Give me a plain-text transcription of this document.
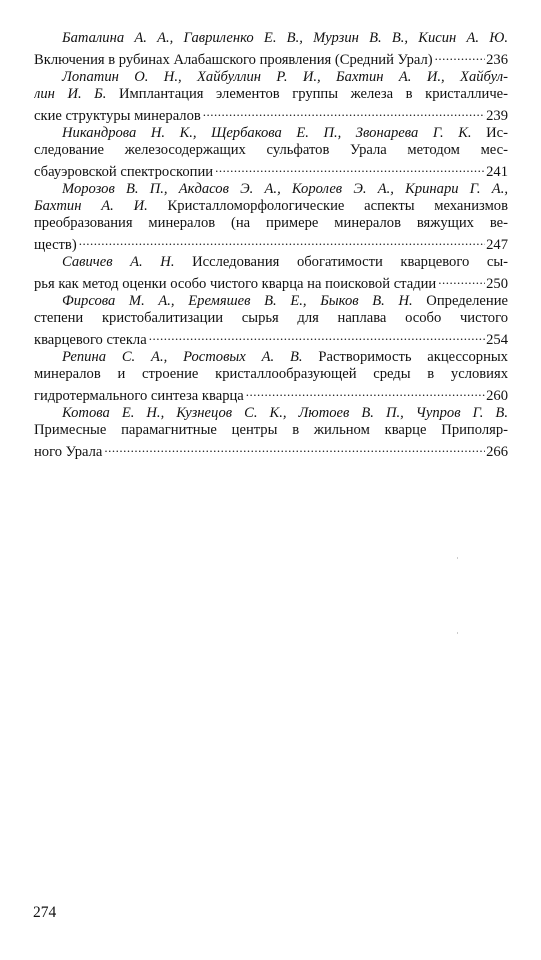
Баталина А. А., Гавриленко Е. В., Мурзин В. В., Кисин А. Ю.
Включения в рубинах Алабашского проявления (Средний Урал) .....	236
Лопатин О. Н., Хайбуллин Р. И., Бахтин А. И., Хайбул-
лин И. Б. Имплантация элементов группы железа в кристалличе-
ские структуры минералов .....	239
Никандрова Н. К., Щербакова Е. П., Звонарева Г. К. Ис-
следование железосодержащих сульфатов Урала методом мес-
сбауэровской спектроскопии .....	241
Морозов В. П., Акдасов Э. А., Королев Э. А., Кринари Г. А.,
Бахтин А. И. Кристалломорфологические аспекты механизмов
преобразования минералов (на примере минералов вяжущих ве-
ществ) .....	247
Савичев А. Н. Исследования обогатимости кварцевого сы-
рья как метод оценки особо чистого кварца на поисковой стадии .....	250
Фирсова М. А., Еремяшев В. Е., Быков В. Н. Определение
степени кристобалитизации сырья для наплава особо чистого
кварцевого стекла .....	254
Репина С. А., Ростовых А. В. Растворимость акцессорных
минералов и строение кристаллообразующей среды в условиях
гидротермального синтеза кварца .....	260
Котова Е. Н., Кузнецов С. К., Лютоев В. П., Чупров Г. В.
Примесные парамагнитные центры в жильном кварце Приполяр-
ного Урала .....	266
274
